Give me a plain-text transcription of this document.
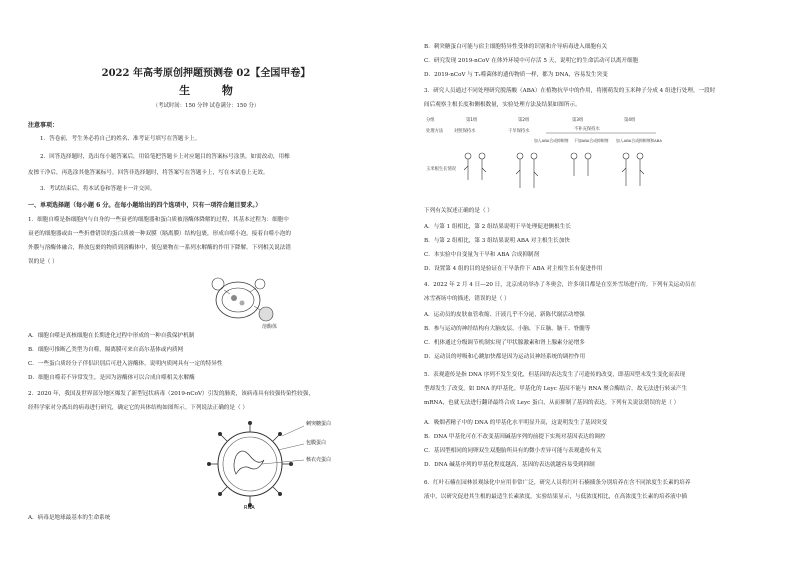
2022 年高考原创押题预测卷 02【全国甲卷】
生 物
（考试时间：150 分钟 试卷满分：150 分）
注意事项：
1．答卷前，考生务必将自己的姓名、准考证号填写在答题卡上。
2．回答选择题时，选出每小题答案后，用铅笔把答题卡上对应题目的答案标号涂黑。如需改动，用橡
皮擦干净后，再选涂其他答案标号。回答非选择题时，将答案写在答题卡上，写在本试卷上无效。
3．考试结束后，将本试卷和答题卡一并交回。
一、单项选择题（每小题 6 分。在每小题给出的四个选项中，只有一项符合题目要求。）
1．细胞自噬是指细胞内与自身的一些衰老的细胞器和蛋白质被溶酶体降解的过程，其基本过程为：细胞中
衰老的细胞器或由一些折叠错误的蛋白质被一种双膜（隔离膜）结构包裹，形成自噬小泡，接着自噬小泡的
外膜与溶酶体融合，释放包裹的物质到溶酶体中，使包裹物在一系列水解酶的作用下降解。下列相关说法错
误的是（ ）
溶酶体
A．细胞自噬是真核细胞在长期进化过程中形成的一种自我保护机制
B．细胞可推断乙类型为自噬，隔离膜可来自高尔基体或内质网
C．一些蛋白质经分子伴侣识别后可进入溶酶体，说明内质网具有一定的特异性
D．细胞自噬若不异常发生，是因为溶酶体可以合成自噬相关水解酶
2．2020 年，我国及世界部分地区爆发了新型冠状病毒（2019-nCoV）引发的肺炎，该病毒具有较强传染性较强，
经科学家对分离出的病毒进行研究，确定它的具体结构如图所示。下列说法正确的是（ ）
刺突糖蛋白
包膜蛋白
核衣壳蛋白
RNA
A．病毒是地球最基本的生命系统
B．刺突糖蛋白可能与宿主细胞特异性受体的识别和介导病毒进入细胞有关
C．研究发现 2019-nCoV 在体外环境中可存活 5 天，说明它的生命活动可以离开细胞
D．2019-nCoV 与 T₂噬菌体的遗传物质一样，都为 DNA，容易发生突变
3．研究人员通过不同处理研究脱落酸（ABA）在植物抗旱中的作用，将刚萌发的玉米种子分成 4 组进行处理，一段时
间后观察主根长度和侧根数量，实验处理方法及结果如图所示。
分组	第1组	第2组	第3组	第4组
处理方法	对照保持水	干旱保持水	不补充保持水
加入ABA合成抑制剂 不加ABA合成抑制剂 加入ABA合成抑制剂和ABA
玉米根生长情况
下列有关叙述正确的是（ ）
A．与第 1 组相比，第 2 组结果说明干旱处理促进侧根生长
B．与第 2 组相比，第 3 组结果说明 ABA 对主根生长加快
C．本实验中自变量为干旱和 ABA 合成抑制剂
D．设置第 4 组的目的是验证在干旱条件下 ABA 对主根生长有促进作用
4．2022 年 2 月 4 日—20 日，北京成功举办了冬奥会，许多项目都是在室外雪场进行的。下列有关运动员在
冰雪赛场中的描述，错误的是（ ）
A．运动员的皮肤血管收缩、汗液几乎不分泌，新陈代谢活动增强
B．参与运动的神经结构有大脑皮层、小脑、下丘脑、脑干、脊髓等
C．机体通过分级调节机制实现了甲状腺激素和肾上腺素分泌增多
D．运动员的呼吸和心跳加快都是因为运动员神经系统的调控作用
5．表观遗传是指 DNA 序列不发生变化，但基因的表达发生了可遗传的改变，即基因型未发生变化而表现
型却发生了改变，如 DNA 的甲基化。甲基化的 Leyc 基因不能与 RNA 聚合酶结合，故无法进行转录产生
mRNA，也就无法进行翻译最终合成 Leyc 蛋白，从而抑制了基因的表达。下列有关说法错误的是（ ）
A．吸烟者精子中的 DNA 的甲基化水平明显升高，这说明发生了基因突变
B．DNA 甲基化可在不改变基因碱基序列的前提下实现对基因表达的调控
C．基因型相同的同卵双生双胞胎所具有的微小差异可能与表观遗传有关
D．DNA 碱基序列的甲基化程度越高，基因的表达就越容易受到抑制
6．红叶石楠在园林景观绿化中应用非常广泛，研究人员将红叶石楠插条分别培养在含不同浓度生长素的培养
液中，以研究促进其生根的最适生长素浓度。实验结果显示，与低浓度相比，在高浓度生长素的培养液中插
